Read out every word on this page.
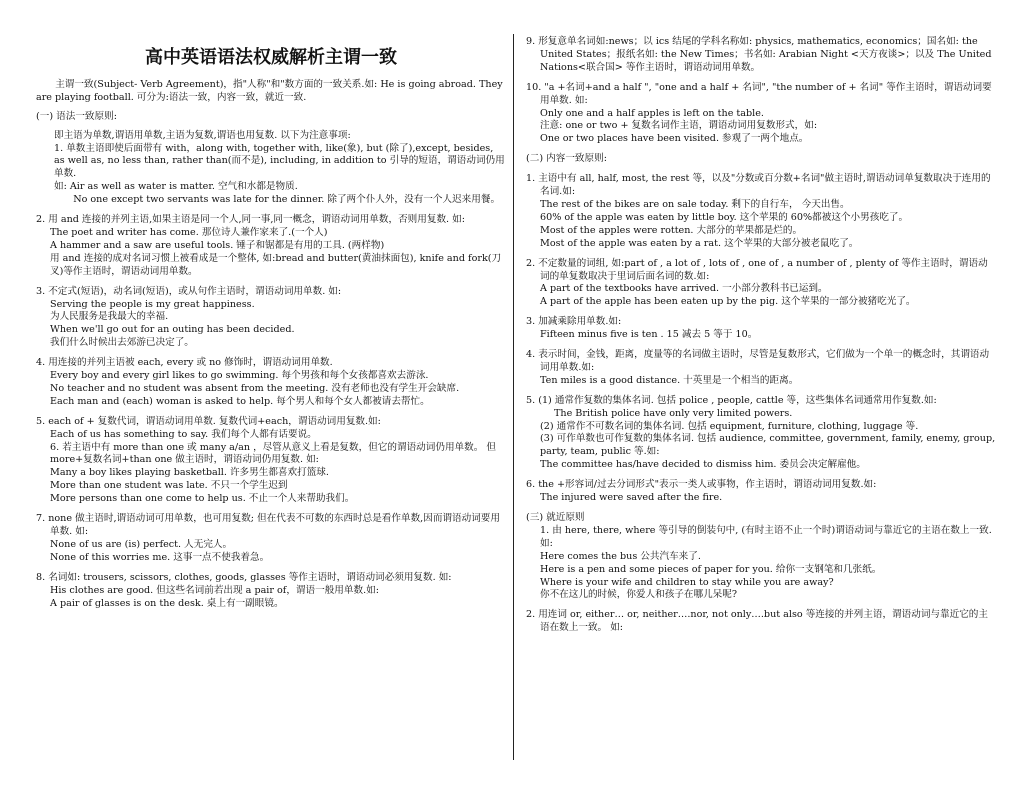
高中英语语法权威解析主谓一致

主谓一致(Subject- Verb Agreement)，指"人称"和"数方面的一致关系.如: He is going abroad. They are playing football. 可分为:语法一致，内容一致，就近一致.

(一) 语法一致原则:

即主语为单数,谓语用单数,主语为复数,谓语也用复数. 以下为注意事项:

1. 单数主语即使后面带有 with，along with, together with, like(象), but (除了),except, besides, as well as, no less than, rather than(而不是), including, in addition to 引导的短语，谓语动词仍用单数.

如: Air as well as water is matter. 空气和水都是物质.

No one except two servants was late for the dinner. 除了两个仆人外，没有一个人迟来用餐。

2. 用 and 连接的并列主语,如果主语是同一个人,同一事,同一概念，谓语动词用单数，否则用复数. 如:

The poet and writer has come. 那位诗人兼作家来了.(一个人)

A hammer and a saw are useful tools. 锤子和锯都是有用的工具. (两样物)

用 and 连接的成对名词习惯上被看成是一个整体, 如:bread and butter(黄油抹面包), knife and fork(刀叉)等作主语时，谓语动词用单数。

3. 不定式(短语)，动名词(短语)，或从句作主语时，谓语动词用单数. 如:

Serving the people is my great happiness.

为人民服务是我最大的幸福.

When we'll go out for an outing has been decided.

我们什么时候出去郊游已决定了。

4. 用连接的并列主语被 each, every 或 no 修饰时，谓语动词用单数.

Every boy and every girl likes to go swimming. 每个男孩和每个女孩都喜欢去游泳.

No teacher and no student was absent from the meeting. 没有老师也没有学生开会缺席.

Each man and (each) woman is asked to help. 每个男人和每个女人都被请去帮忙。

5. each of + 复数代词，谓语动词用单数. 复数代词+each，谓语动词用复数.如:

Each of us has something to say. 我们每个人都有话要说。

6. 若主语中有 more than one 或 many a/an ，尽管从意义上看是复数，但它的谓语动词仍用单数。 但 more+复数名词+than one 做主语时，谓语动词仍用复数. 如:

Many a boy likes playing basketball. 许多男生都喜欢打篮球.

More than one student was late. 不只一个学生迟到

More persons than one come to help us. 不止一个人来帮助我们。

7. none 做主语时,谓语动词可用单数，也可用复数; 但在代表不可数的东西时总是看作单数,因而谓语动词要用单数. 如:

None of us are (is) perfect. 人无完人。

None of this worries me. 这事一点不使我着急。

8. 名词如: trousers, scissors, clothes, goods, glasses 等作主语时，谓语动词必须用复数. 如:

His clothes are good. 但这些名词前若出现 a pair of，谓语一般用单数.如:

A pair of glasses is on the desk. 桌上有一副眼镜。

9. 形复意单名词如:news；以 ics 结尾的学科名称如: physics, mathematics, economics；国名如: the United States；报纸名如: the New Times；书名如: Arabian Night <天方夜谈>；以及 The United Nations<联合国> 等作主语时，谓语动词用单数。

10. "a +名词+and a half ", "one and a half + 名词", "the number of + 名词" 等作主语时，谓语动词要用单数. 如:

Only one and a half apples is left on the table.

注意: one or two + 复数名词作主语，谓语动词用复数形式，如:

One or two places have been visited. 参观了一两个地点。

(二) 内容一致原则:

1. 主语中有 all, half, most, the rest 等，以及"分数或百分数+名词"做主语时,谓语动词单复数取决于连用的名词.如:

The rest of the bikes are on sale today. 剩下的自行车， 今天出售。

60% of the apple was eaten by little boy. 这个苹果的 60%都被这个小男孩吃了。

Most of the apples were rotten. 大部分的苹果都是烂的。

Most of the apple was eaten by a rat. 这个苹果的大部分被老鼠吃了。

2. 不定数量的词组, 如:part of , a lot of , lots of , one of , a number of , plenty of 等作主语时，谓语动词的单复数取决于里词后面名词的数.如:

A part of the textbooks have arrived. 一小部分教科书已运到。

A part of the apple has been eaten up by the pig. 这个苹果的一部分被猪吃光了。

3. 加减乘除用单数.如:

Fifteen minus five is ten . 15 减去 5 等于 10。

4. 表示时间，金钱，距离，度量等的名词做主语时，尽管是复数形式，它们做为一个单一的概念时，其谓语动词用单数.如:

Ten miles is a good distance. 十英里是一个相当的距离。

5. (1) 通常作复数的集体名词. 包括 police , people, cattle 等，这些集体名词通常用作复数.如:

The British police have only very limited powers.

(2) 通常作不可数名词的集体名词. 包括 equipment, furniture, clothing, luggage 等.

(3) 可作单数也可作复数的集体名词. 包括 audience, committee, government, family, enemy, group, party, team, public 等.如:

The committee has/have decided to dismiss him. 委员会决定解雇他。

6. the +形容词/过去分词形式"表示一类人或事物，作主语时，谓语动词用复数.如:

The injured were saved after the fire.

(三) 就近原则

1. 由 here, there, where 等引导的倒装句中, (有时主语不止一个时)谓语动词与靠近它的主语在数上一致.如:

Here comes the bus 公共汽车来了.

Here is a pen and some pieces of paper for you. 给你一支钢笔和几张纸。

Where is your wife and children to stay while you are away?

你不在这儿的时候，你爱人和孩子在哪儿呆呢?

2. 用连词 or, either… or, neither….nor, not only….but also 等连接的并列主语，谓语动词与靠近它的主语在数上一致。 如:
